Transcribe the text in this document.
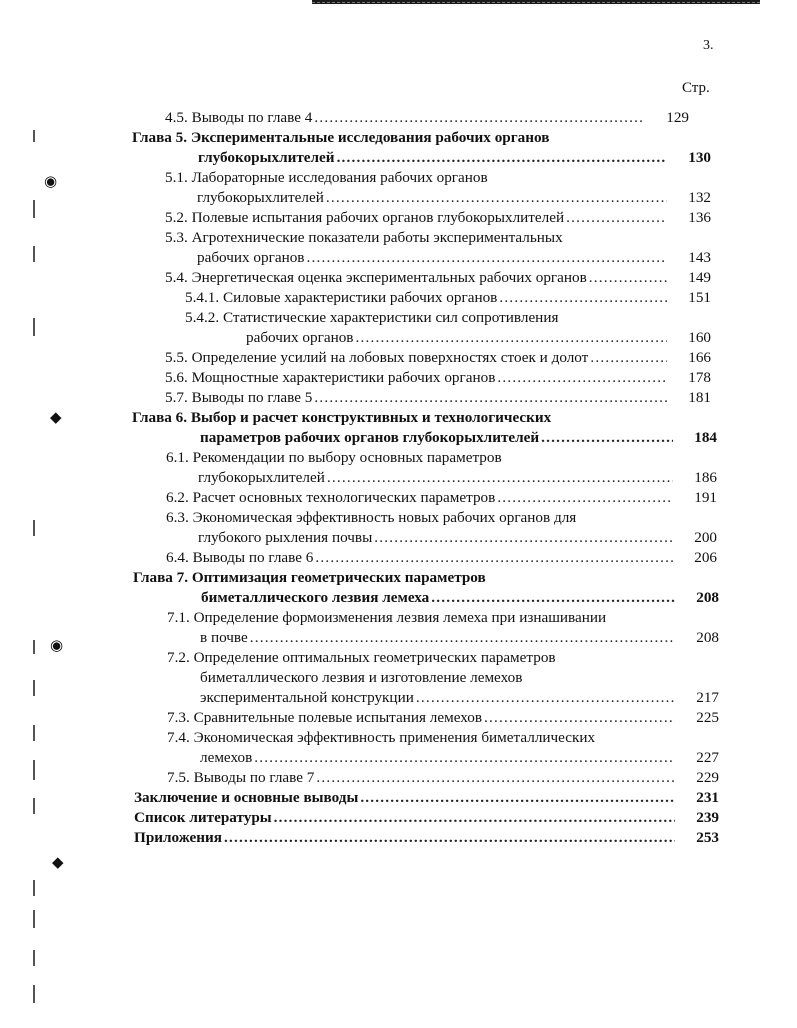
3.
Стр.
◉
◆
◉
◆
4.5. Выводы по главе 4 .....	129
Глава 5. Экспериментальные исследования рабочих органов
глубокорыхлителей .....	130
5.1. Лабораторные исследования рабочих органов
глубокорыхлителей .....	132
5.2. Полевые испытания рабочих органов глубокорыхлителей .....	136
5.3. Агротехнические показатели работы экспериментальных
рабочих органов .....	143
5.4. Энергетическая оценка экспериментальных рабочих органов .....	149
5.4.1. Силовые характеристики рабочих органов .....	151
5.4.2. Статистические характеристики сил сопротивления
рабочих органов .....	160
5.5. Определение усилий на лобовых поверхностях стоек и долот .....	166
5.6. Мощностные характеристики рабочих органов .....	178
5.7. Выводы по главе 5 .....	181
Глава 6. Выбор и расчет конструктивных и технологических
параметров рабочих органов глубокорыхлителей .....	184
6.1. Рекомендации по выбору основных параметров
глубокорыхлителей .....	186
6.2. Расчет основных технологических параметров .....	191
6.3. Экономическая эффективность новых рабочих органов для
глубокого рыхления почвы .....	200
6.4. Выводы по главе 6 .....	206
Глава 7. Оптимизация геометрических параметров
биметаллического лезвия лемеха .....	208
7.1. Определение формоизменения лезвия лемеха при изнашивании
в почве .....	208
7.2. Определение оптимальных геометрических параметров
биметаллического лезвия и изготовление лемехов
экспериментальной конструкции .....	217
7.3. Сравнительные полевые испытания лемехов .....	225
7.4. Экономическая эффективность применения биметаллических
лемехов .....	227
7.5. Выводы по главе 7 .....	229
Заключение и основные выводы .....	231
Список литературы .....	239
Приложения .....	253
